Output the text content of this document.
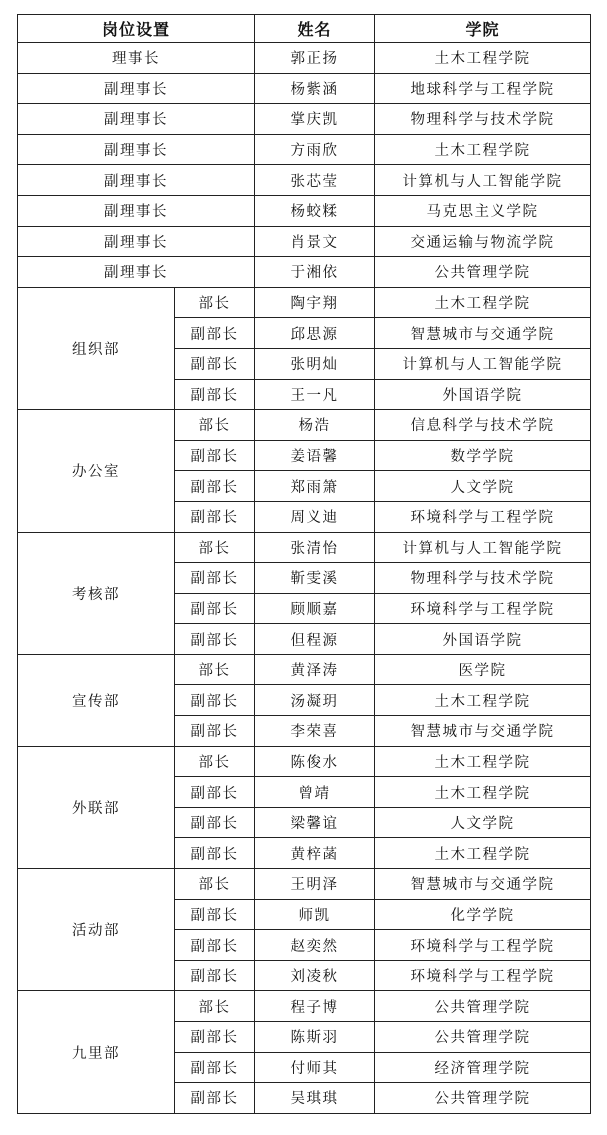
岗位设置		姓名	学院
理事长		郭正扬	土木工程学院
副理事长		杨紫涵	地球科学与工程学院
副理事长		掌庆凯	物理科学与技术学院
副理事长		方雨欣	土木工程学院
副理事长		张芯莹	计算机与人工智能学院
副理事长		杨蛟糅	马克思主义学院
副理事长		肖景文	交通运输与物流学院
副理事长		于湘依	公共管理学院
组织部	部长	陶宇翔	土木工程学院
	副部长	邱思源	智慧城市与交通学院
	副部长	张明灿	计算机与人工智能学院
	副部长	王一凡	外国语学院
办公室	部长	杨浩	信息科学与技术学院
	副部长	姜语馨	数学学院
	副部长	郑雨箫	人文学院
	副部长	周义迪	环境科学与工程学院
考核部	部长	张清怡	计算机与人工智能学院
	副部长	靳雯溪	物理科学与技术学院
	副部长	顾顺嘉	环境科学与工程学院
	副部长	但程源	外国语学院
宣传部	部长	黄泽涛	医学院
	副部长	汤凝玥	土木工程学院
	副部长	李荣喜	智慧城市与交通学院
外联部	部长	陈俊水	土木工程学院
	副部长	曾靖	土木工程学院
	副部长	梁馨谊	人文学院
	副部长	黄梓菡	土木工程学院
活动部	部长	王明泽	智慧城市与交通学院
	副部长	师凯	化学学院
	副部长	赵奕然	环境科学与工程学院
	副部长	刘凌秋	环境科学与工程学院
九里部	部长	程子博	公共管理学院
	副部长	陈斯羽	公共管理学院
	副部长	付师其	经济管理学院
	副部长	吴琪琪	公共管理学院
